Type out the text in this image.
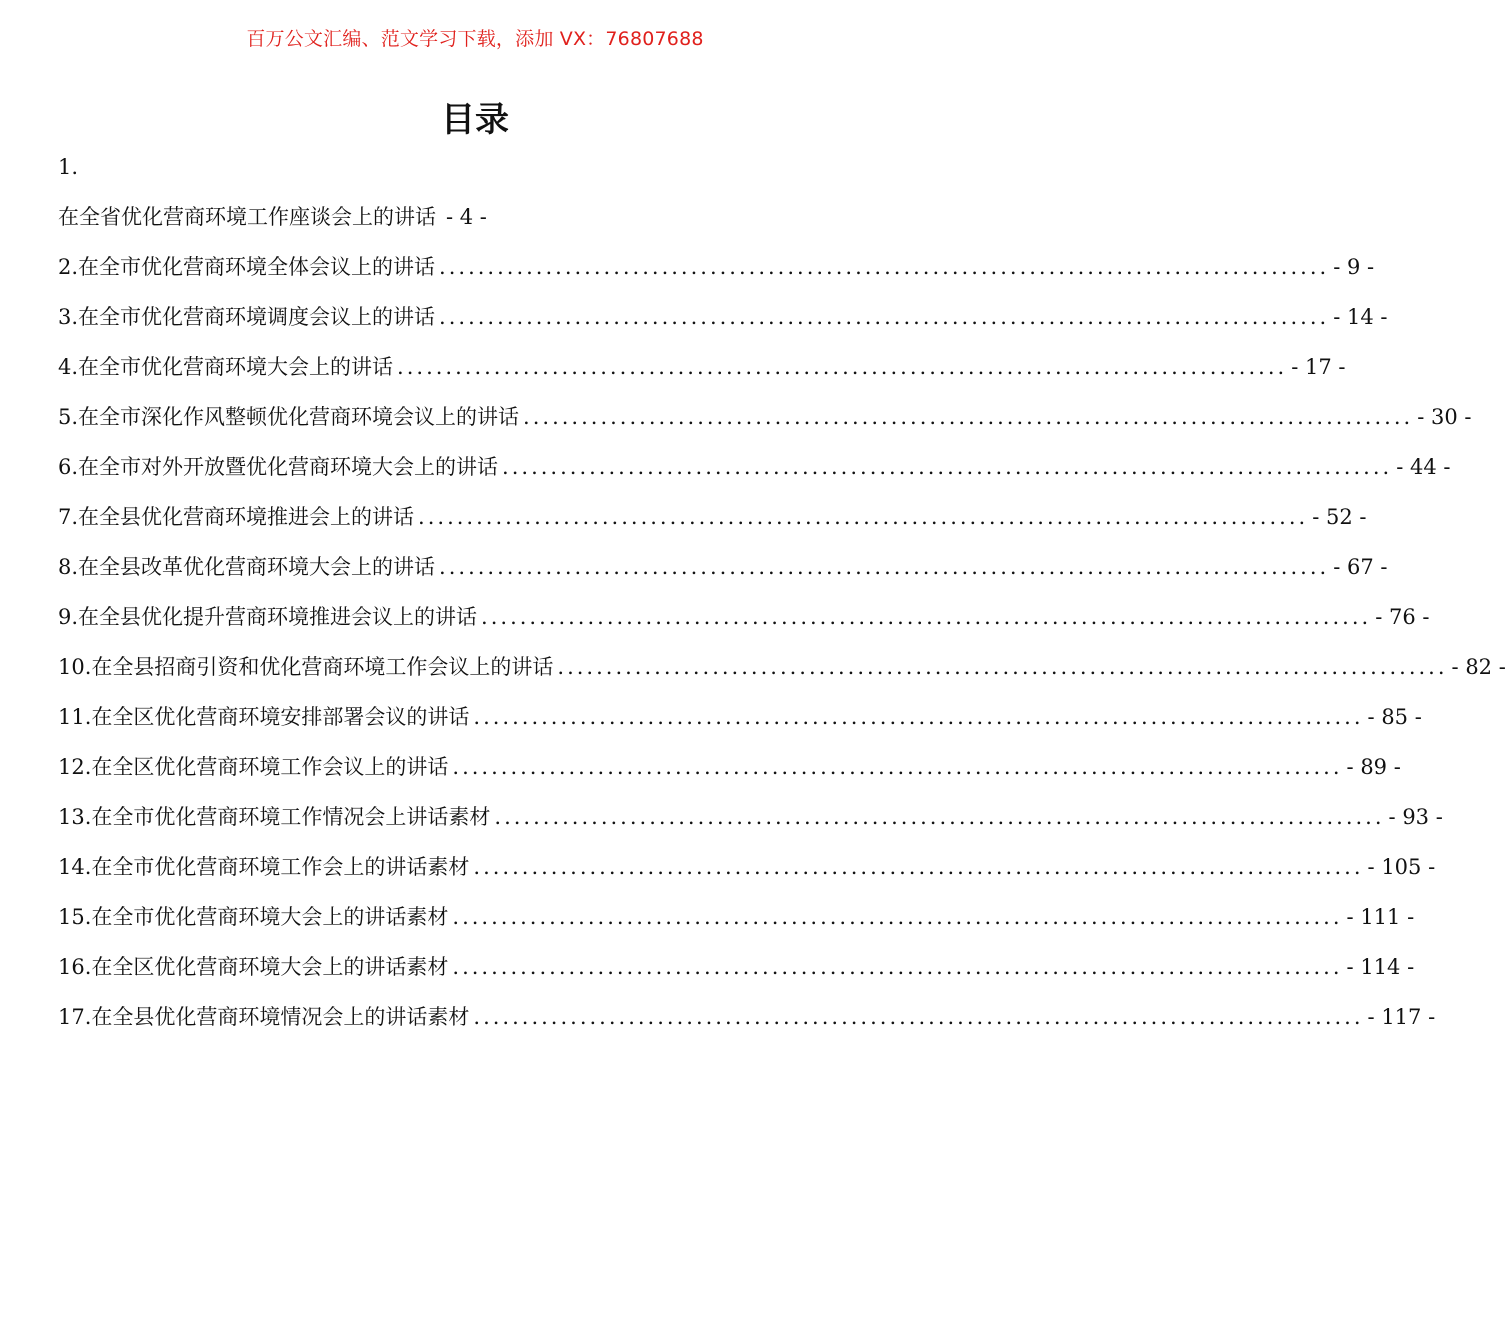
百万公文汇编、范文学习下载，添加 VX：76807688
目录
1.
在全省优化营商环境工作座谈会上的讲话 - 4 -
2.在全市优化营商环境全体会议上的讲话 ............................................................................................ - 9 -
3.在全市优化营商环境调度会议上的讲话 ............................................................................................ - 14 -
4.在全市优化营商环境大会上的讲话 ............................................................................................ - 17 -
5.在全市深化作风整顿优化营商环境会议上的讲话 ............................................................................................ - 30 -
6.在全市对外开放暨优化营商环境大会上的讲话 ............................................................................................ - 44 -
7.在全县优化营商环境推进会上的讲话 ............................................................................................ - 52 -
8.在全县改革优化营商环境大会上的讲话 ............................................................................................ - 67 -
9.在全县优化提升营商环境推进会议上的讲话 ............................................................................................ - 76 -
10.在全县招商引资和优化营商环境工作会议上的讲话 ............................................................................................ - 82 -
11.在全区优化营商环境安排部署会议的讲话 ............................................................................................ - 85 -
12.在全区优化营商环境工作会议上的讲话 ............................................................................................ - 89 -
13.在全市优化营商环境工作情况会上讲话素材 ............................................................................................ - 93 -
14.在全市优化营商环境工作会上的讲话素材 ............................................................................................ - 105 -
15.在全市优化营商环境大会上的讲话素材 ............................................................................................ - 111 -
16.在全区优化营商环境大会上的讲话素材 ............................................................................................ - 114 -
17.在全县优化营商环境情况会上的讲话素材 ............................................................................................ - 117 -
